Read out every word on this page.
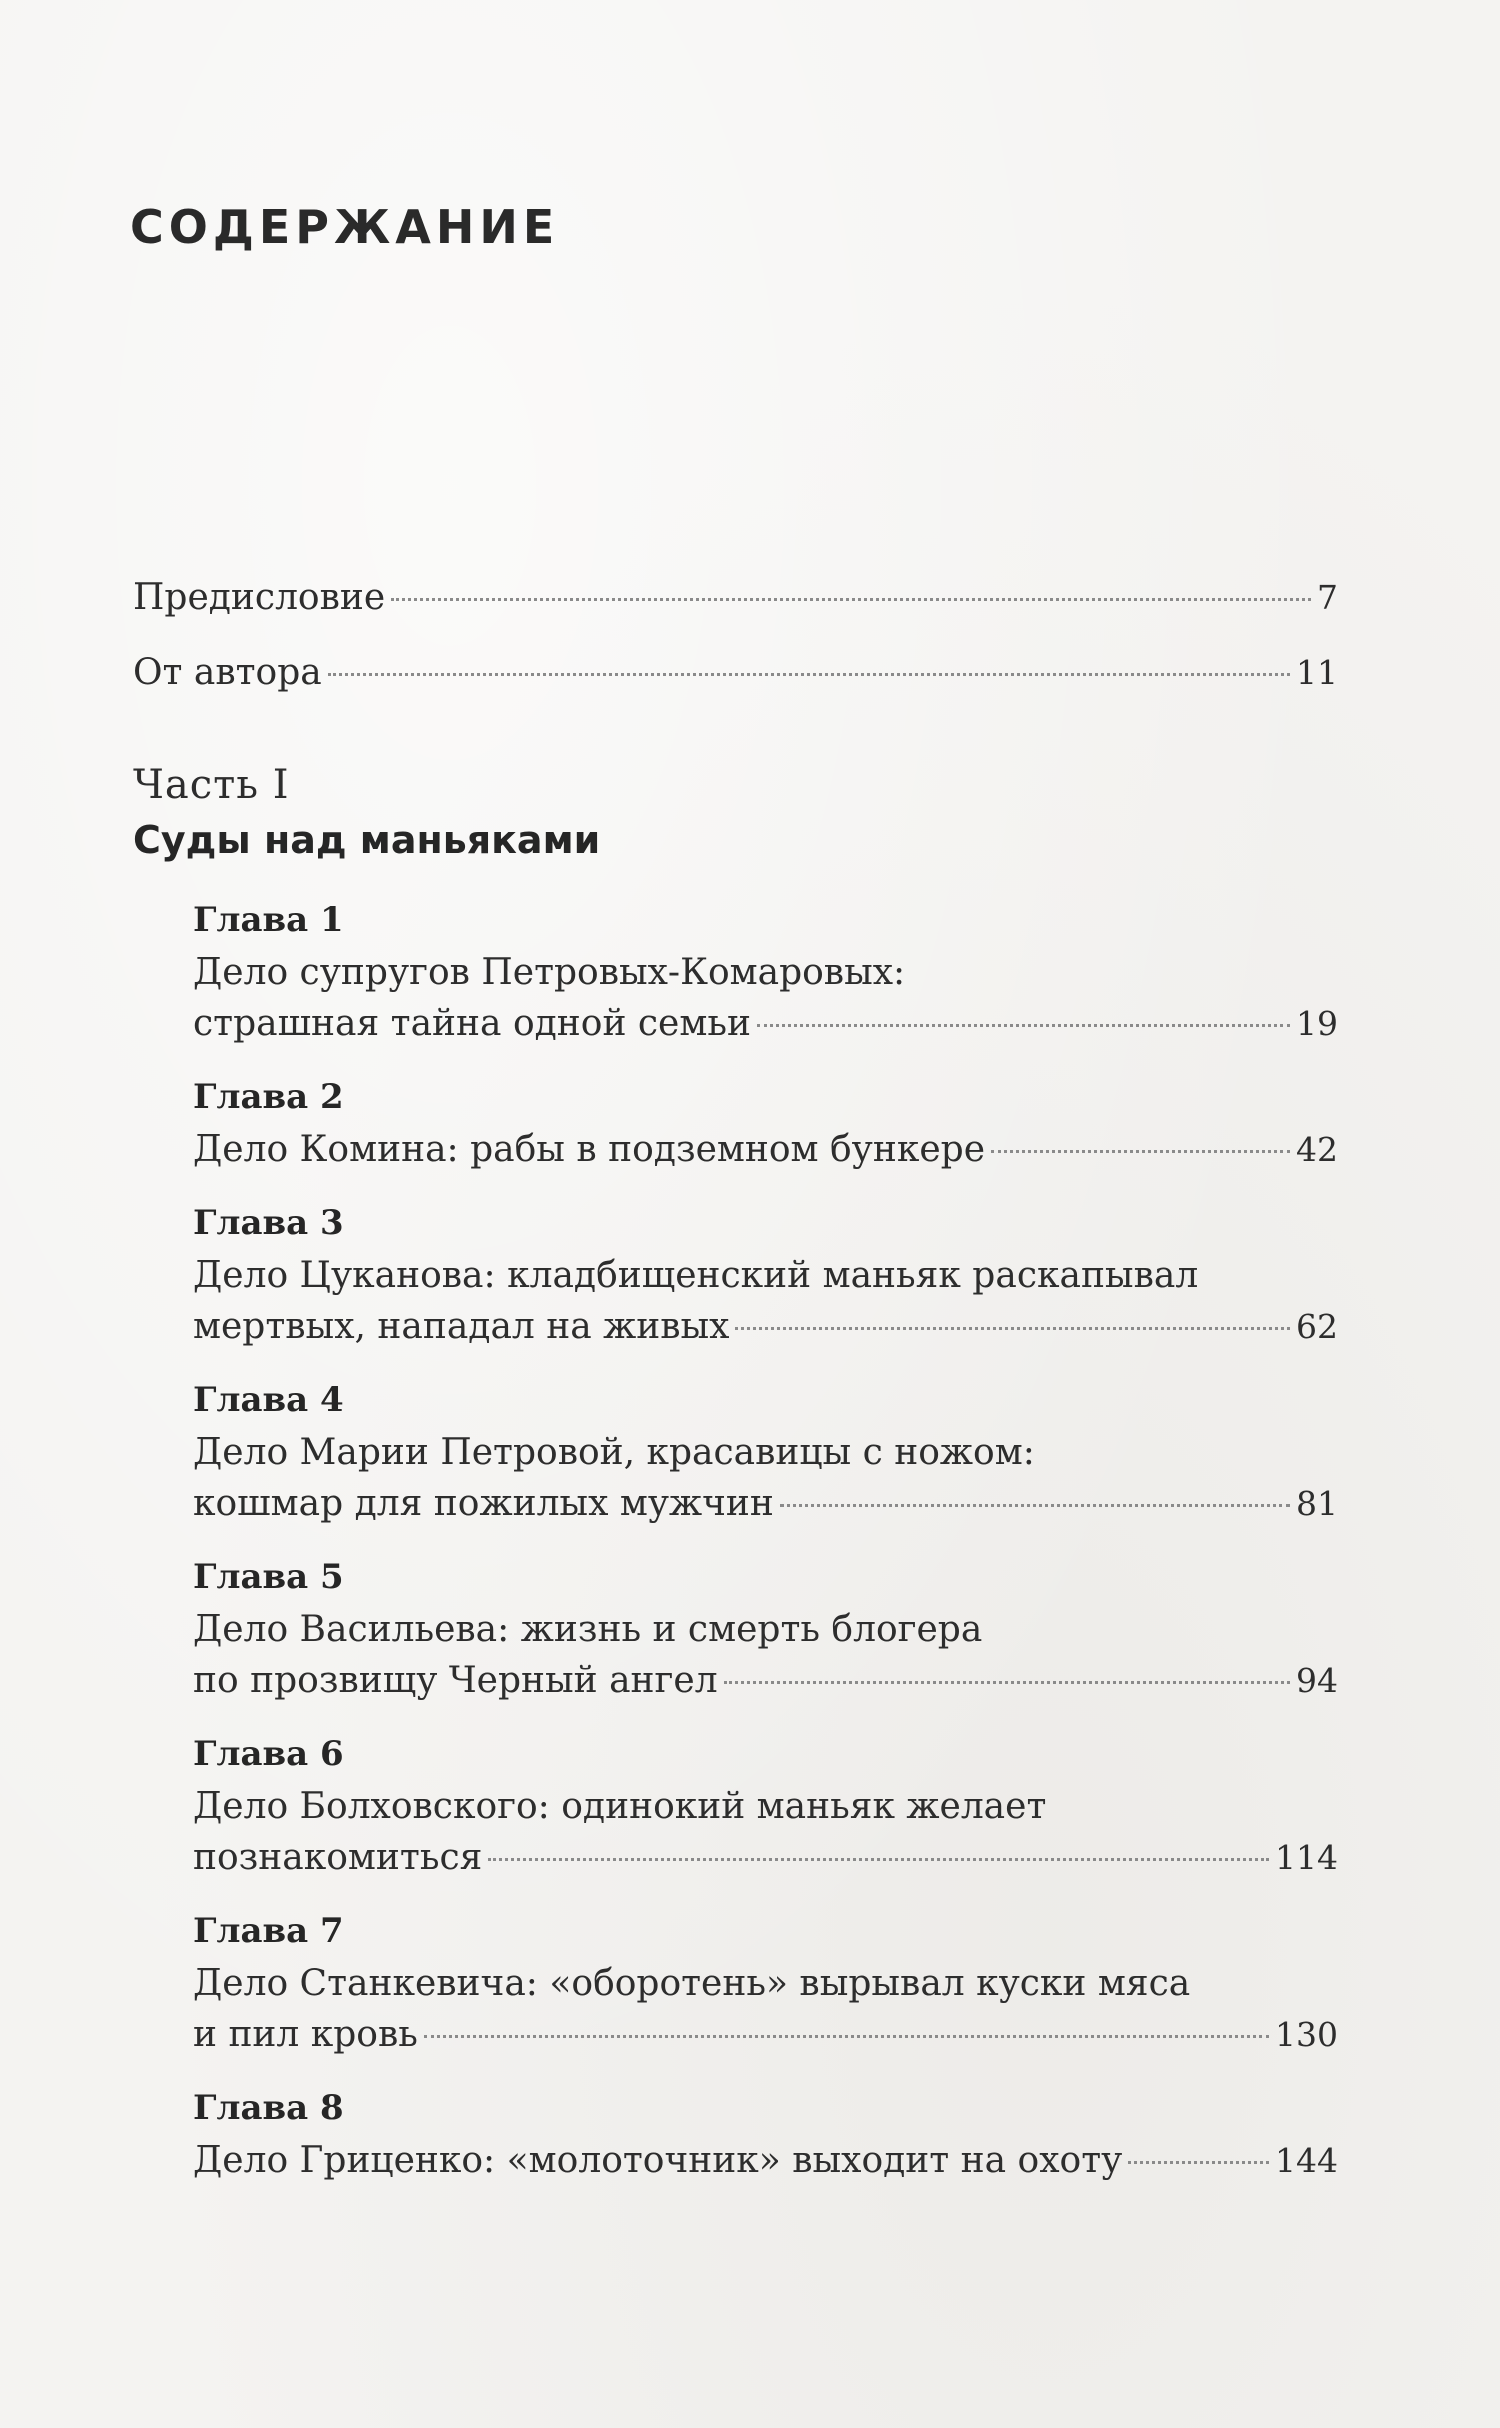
СОДЕРЖАНИЕ
Предисловие	7
От автора	11
Часть I
Суды над маньяками
Глава 1
Дело супругов Петровых-Комаровых:
страшная тайна одной семьи	19
Глава 2
Дело Комина: рабы в подземном бункере	42
Глава 3
Дело Цуканова: кладбищенский маньяк раскапывал
мертвых, нападал на живых	62
Глава 4
Дело Марии Петровой, красавицы с ножом:
кошмар для пожилых мужчин	81
Глава 5
Дело Васильева: жизнь и смерть блогера
по прозвищу Черный ангел	94
Глава 6
Дело Болховского: одинокий маньяк желает
познакомиться	114
Глава 7
Дело Станкевича: «оборотень» вырывал куски мяса
и пил кровь	130
Глава 8
Дело Гриценко: «молоточник» выходит на охоту	144
